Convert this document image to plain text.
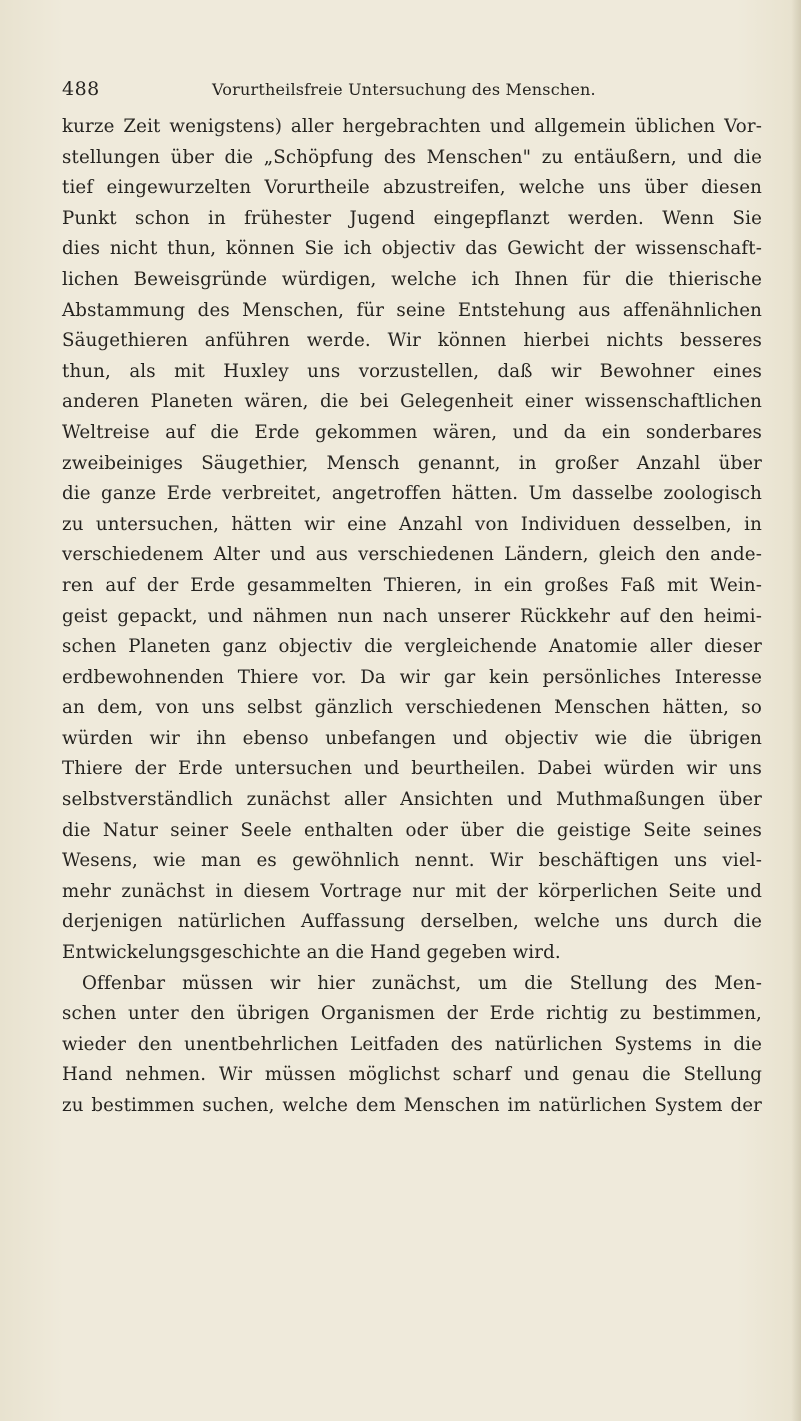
488	Vorurtheilsfreie Untersuchung des Menschen.
kurze Zeit wenigstens) aller hergebrachten und allgemein üblichen Vor-
stellungen über die „Schöpfung des Menschen" zu entäußern, und die
tief eingewurzelten Vorurtheile abzustreifen, welche uns über diesen
Punkt schon in frühester Jugend eingepflanzt werden. Wenn Sie
dies nicht thun, können Sie ich objectiv das Gewicht der wissenschaft-
lichen Beweisgründe würdigen, welche ich Ihnen für die thierische
Abstammung des Menschen, für seine Entstehung aus affenähnlichen
Säugethieren anführen werde. Wir können hierbei nichts besseres
thun, als mit Huxley uns vorzustellen, daß wir Bewohner eines
anderen Planeten wären, die bei Gelegenheit einer wissenschaftlichen
Weltreise auf die Erde gekommen wären, und da ein sonderbares
zweibeiniges Säugethier, Mensch genannt, in großer Anzahl über
die ganze Erde verbreitet, angetroffen hätten. Um dasselbe zoologisch
zu untersuchen, hätten wir eine Anzahl von Individuen desselben, in
verschiedenem Alter und aus verschiedenen Ländern, gleich den ande-
ren auf der Erde gesammelten Thieren, in ein großes Faß mit Wein-
geist gepackt, und nähmen nun nach unserer Rückkehr auf den heimi-
schen Planeten ganz objectiv die vergleichende Anatomie aller dieser
erdbewohnenden Thiere vor. Da wir gar kein persönliches Interesse
an dem, von uns selbst gänzlich verschiedenen Menschen hätten, so
würden wir ihn ebenso unbefangen und objectiv wie die übrigen
Thiere der Erde untersuchen und beurtheilen. Dabei würden wir uns
selbstverständlich zunächst aller Ansichten und Muthmaßungen über
die Natur seiner Seele enthalten oder über die geistige Seite seines
Wesens, wie man es gewöhnlich nennt. Wir beschäftigen uns viel-
mehr zunächst in diesem Vortrage nur mit der körperlichen Seite und
derjenigen natürlichen Auffassung derselben, welche uns durch die
Entwickelungsgeschichte an die Hand gegeben wird.
Offenbar müssen wir hier zunächst, um die Stellung des Men-
schen unter den übrigen Organismen der Erde richtig zu bestimmen,
wieder den unentbehrlichen Leitfaden des natürlichen Systems in die
Hand nehmen. Wir müssen möglichst scharf und genau die Stellung
zu bestimmen suchen, welche dem Menschen im natürlichen System der
